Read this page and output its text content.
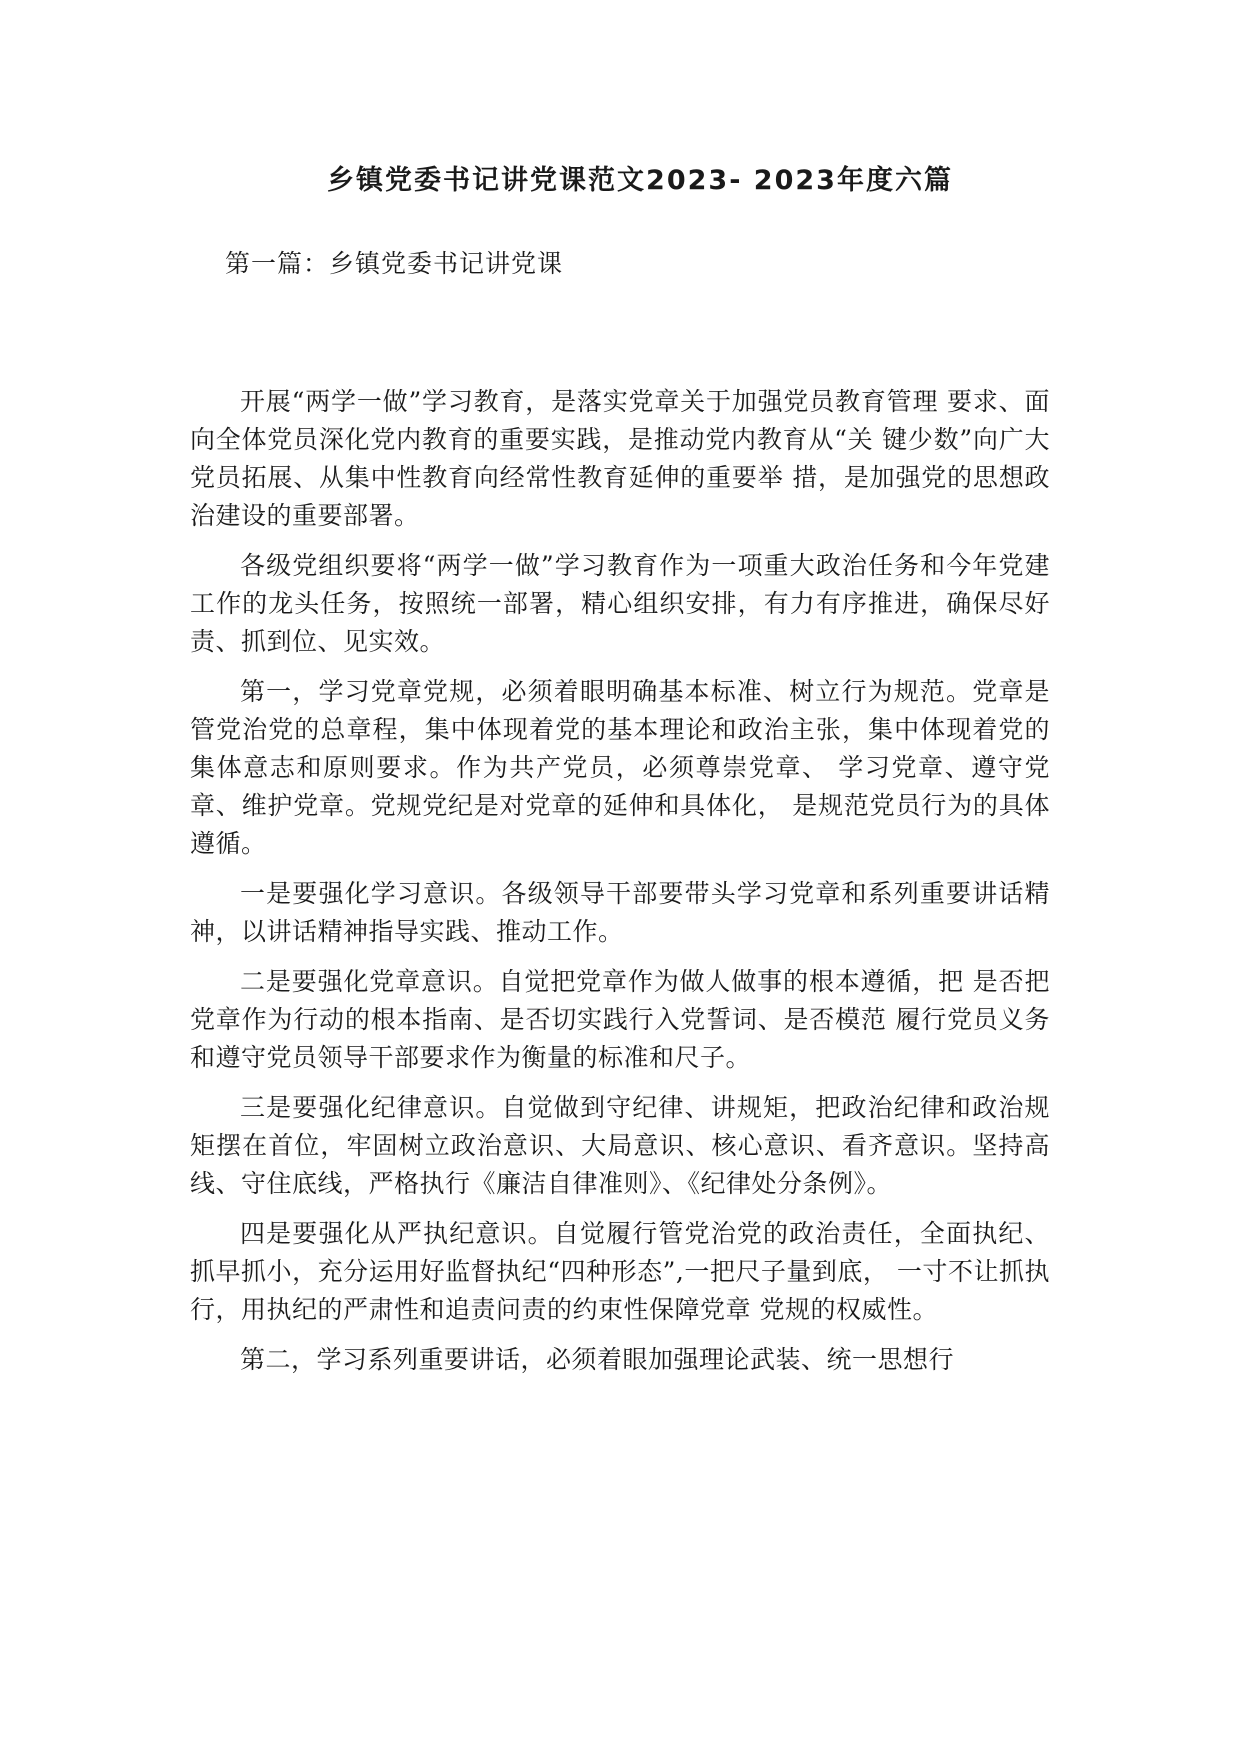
乡镇党委书记讲党课范文2023- 2023年度六篇

第一篇：乡镇党委书记讲党课

开展“两学一做”学习教育，是落实党章关于加强党员教育管理 要求、面向全体党员深化党内教育的重要实践，是推动党内教育从“关 键少数”向广大党员拓展、从集中性教育向经常性教育延伸的重要举 措，是加强党的思想政治建设的重要部署。

各级党组织要将“两学一做”学习教育作为一项重大政治任务和今年党建工作的龙头任务，按照统一部署，精心组织安排，有力有序推进，确保尽好责、抓到位、见实效。

第一，学习党章党规，必须着眼明确基本标准、树立行为规范。党章是管党治党的总章程，集中体现着党的基本理论和政治主张，集中体现着党的集体意志和原则要求。作为共产党员，必须尊崇党章、 学习党章、遵守党章、维护党章。党规党纪是对党章的延伸和具体化， 是规范党员行为的具体遵循。

一是要强化学习意识。各级领导干部要带头学习党章和系列重要讲话精神，以讲话精神指导实践、推动工作。

二是要强化党章意识。自觉把党章作为做人做事的根本遵循，把 是否把党章作为行动的根本指南、是否切实践行入党誓词、是否模范 履行党员义务和遵守党员领导干部要求作为衡量的标准和尺子。

三是要强化纪律意识。自觉做到守纪律、讲规矩，把政治纪律和政治规矩摆在首位，牢固树立政治意识、大局意识、核心意识、看齐意识。坚持高线、守住底线，严格执行《廉洁自律准则》、《纪律处分条例》。

四是要强化从严执纪意识。自觉履行管党治党的政治责任，全面执纪、抓早抓小，充分运用好监督执纪“四种形态”,一把尺子量到底， 一寸不让抓执行，用执纪的严肃性和追责问责的约束性保障党章 党规的权威性。

第二，学习系列重要讲话，必须着眼加强理论武装、统一思想行
